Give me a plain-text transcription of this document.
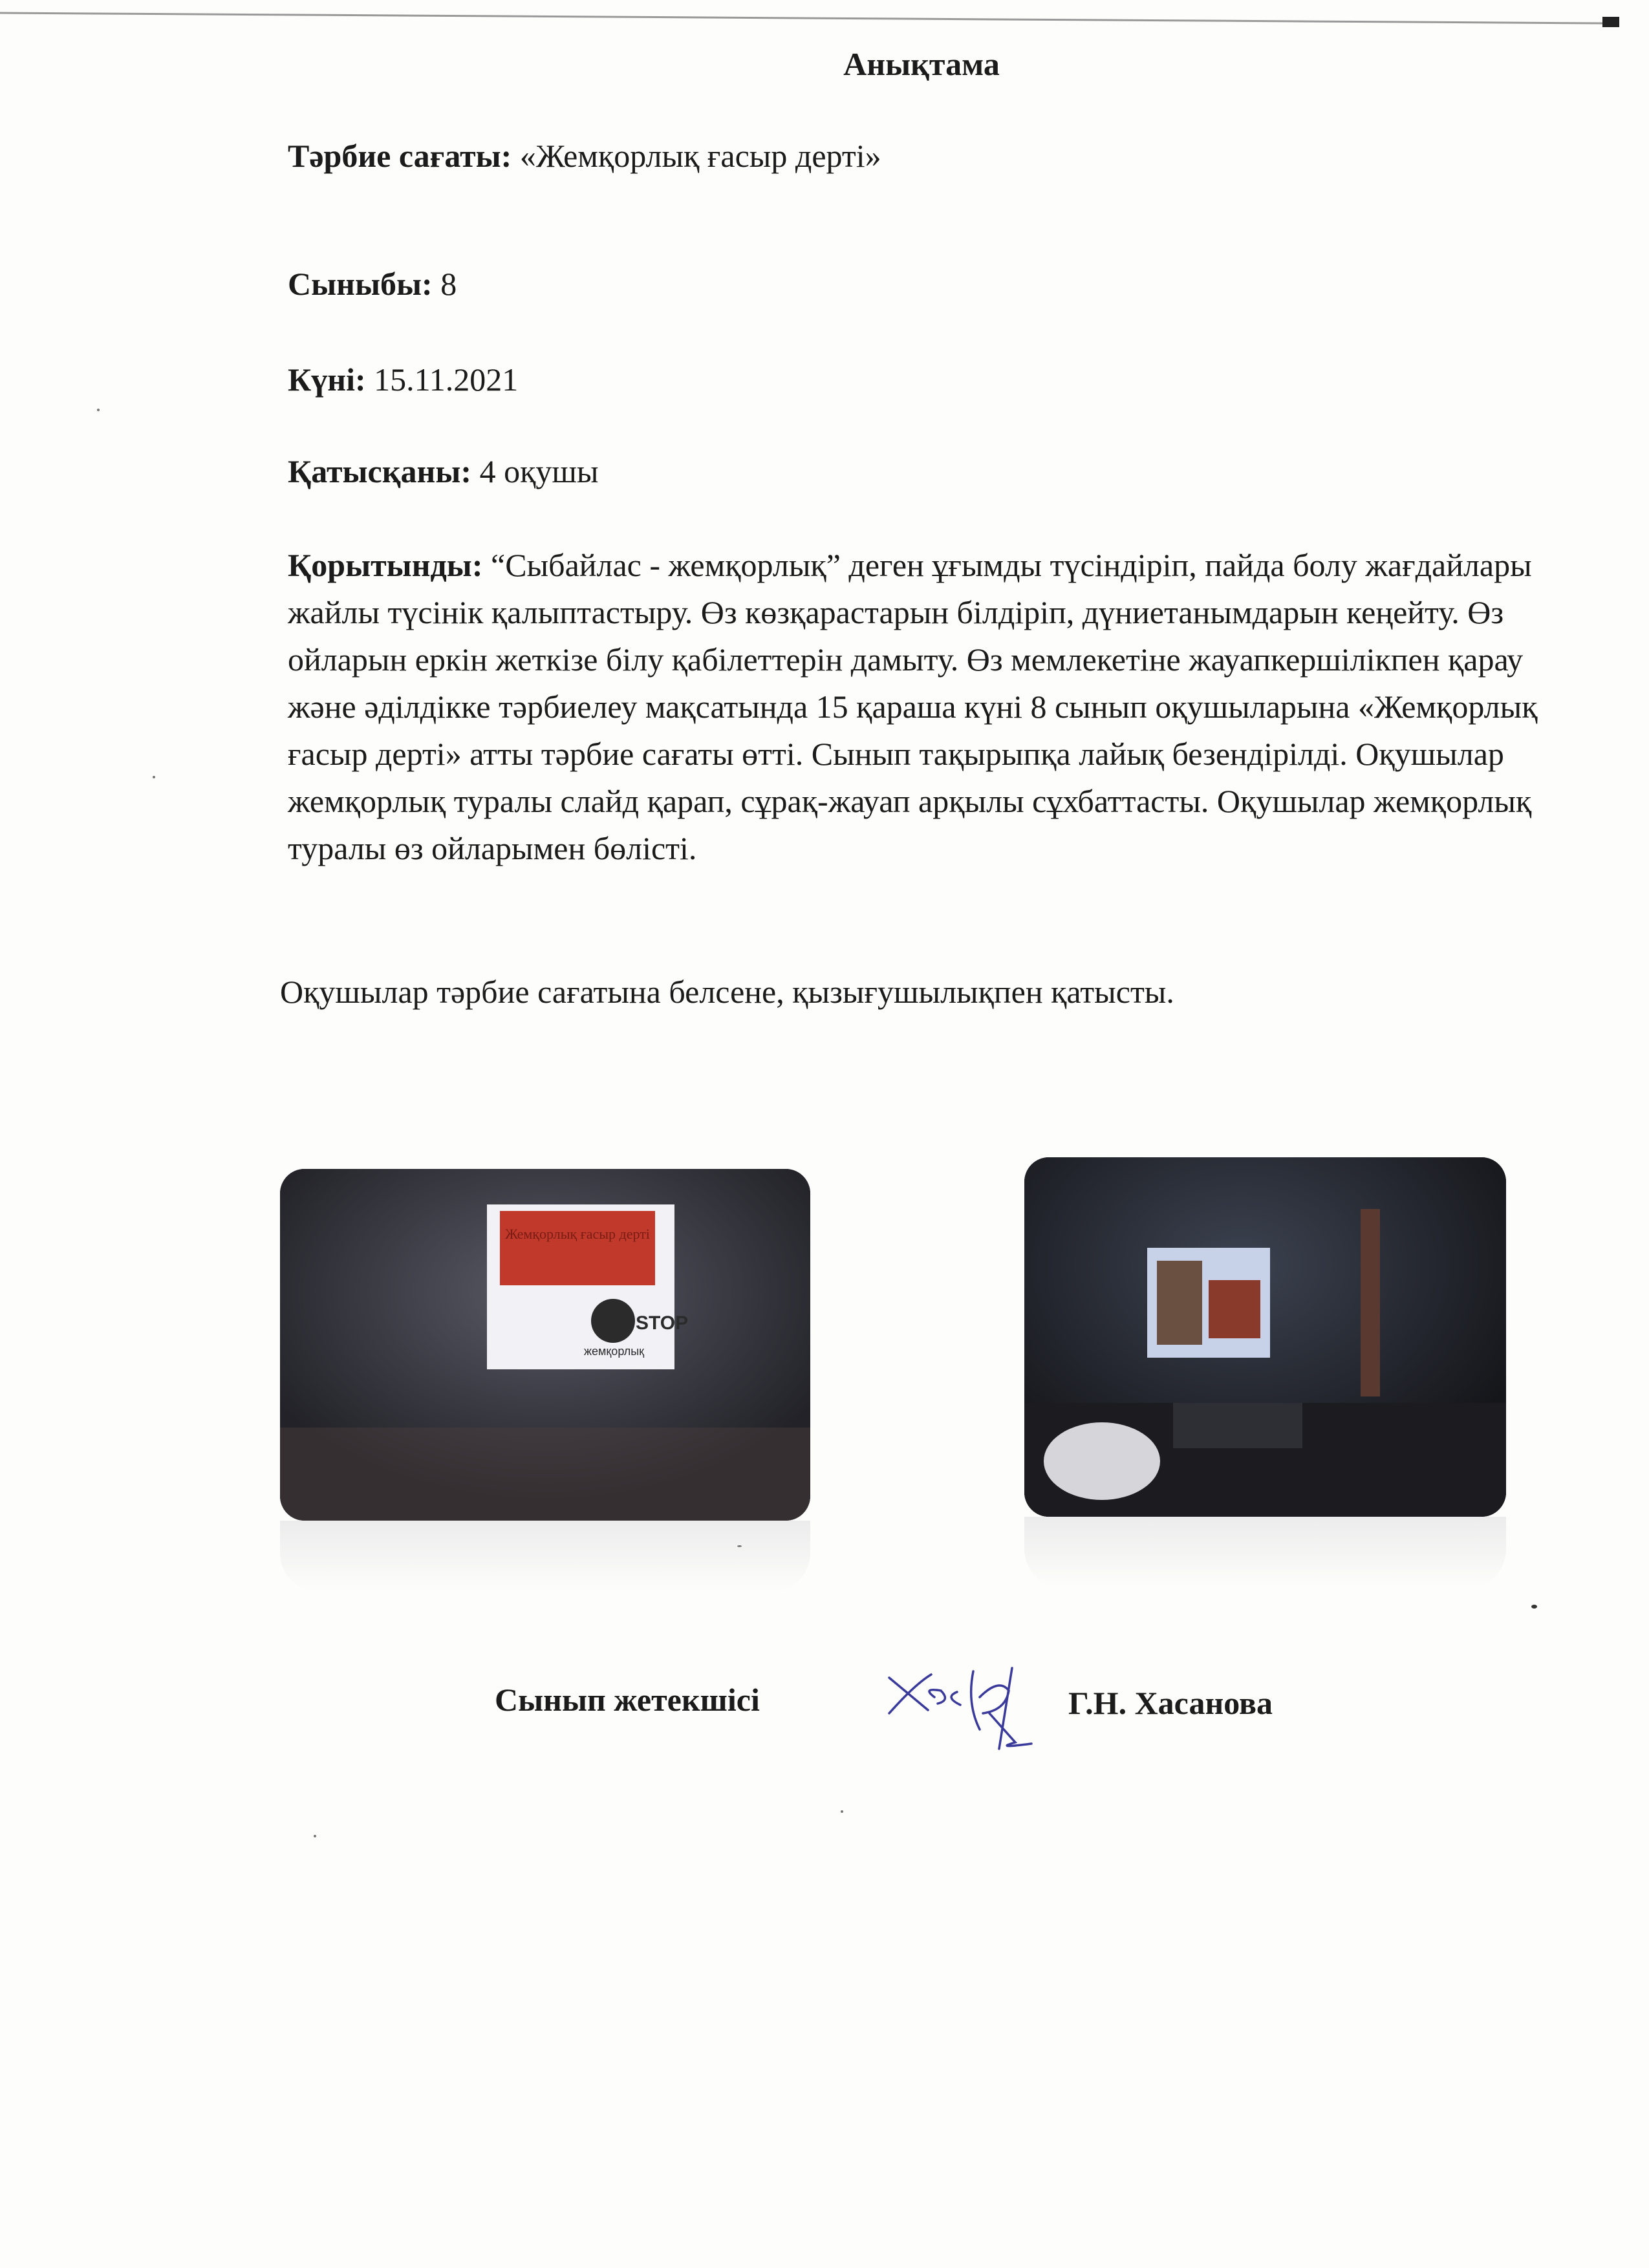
Анықтама
Тәрбие сағаты: «Жемқорлық ғасыр дерті»
Сыныбы: 8
Күні: 15.11.2021
Қатысқаны: 4 оқушы
Қорытынды: “Сыбайлас - жемқорлық” деген ұғымды түсіндіріп, пайда болу жағдайлары жайлы түсінік қалыптастыру. Өз көзқарастарын білдіріп, дүниетанымдарын кеңейту. Өз ойларын еркін жеткізе білу қабілеттерін дамыту. Өз мемлекетіне жауапкершілікпен қарау және әділдікке тәрбиелеу мақсатында 15 қараша күні 8 сынып оқушыларына «Жемқорлық ғасыр дерті» атты тәрбие сағаты өтті. Сынып тақырыпқа лайық безендірілді. Оқушылар жемқорлық туралы слайд қарап, сұрақ-жауап арқылы сұхбаттасты. Оқушылар жемқорлық туралы өз ойларымен бөлісті.
Оқушылар тәрбие сағатына белсене, қызығушылықпен қатысты.
Жемқорлық ғасыр дерті
STOP
жемқорлық
Сынып жетекшісі	Г.Н. Хасанова
